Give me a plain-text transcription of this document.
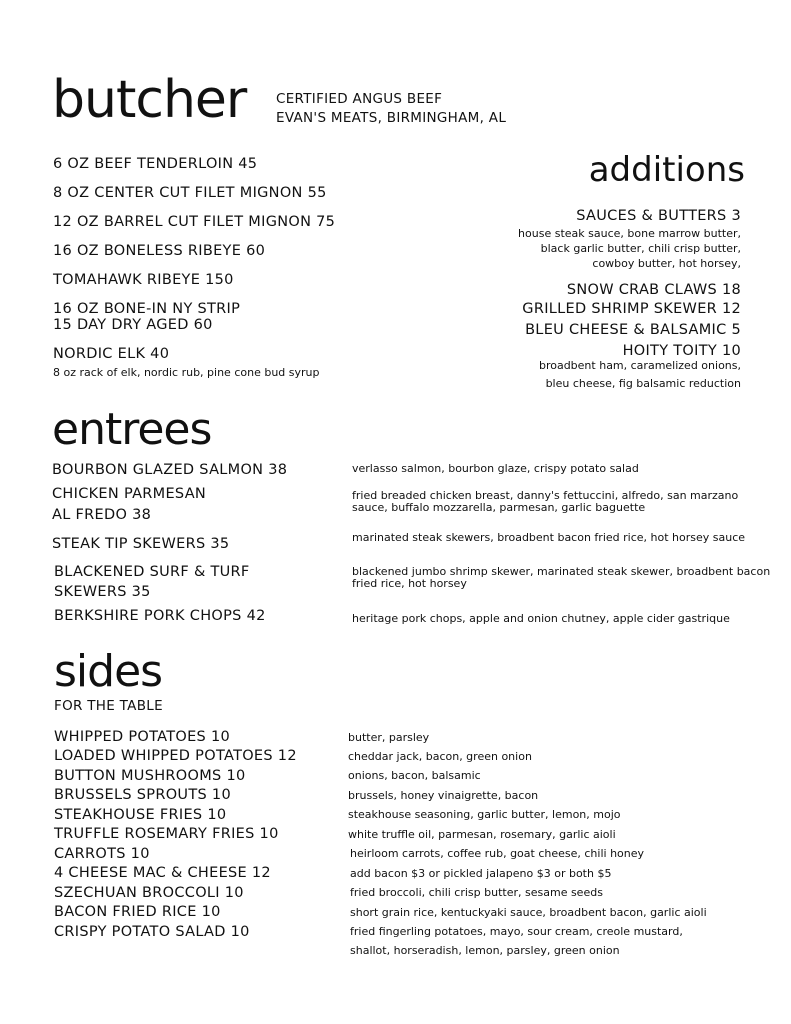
butcher CERTIFIED ANGUS BEEF
EVAN'S MEATS, BIRMINGHAM, AL
6 OZ BEEF TENDERLOIN 45
8 OZ CENTER CUT FILET MIGNON 55
12 OZ BARREL CUT FILET MIGNON 75
16 OZ BONELESS RIBEYE 60
TOMAHAWK RIBEYE 150
16 OZ BONE-IN NY STRIP
15 DAY DRY AGED 60
NORDIC ELK 40
8 oz rack of elk, nordic rub, pine cone bud syrup
additions
SAUCES & BUTTERS 3
house steak sauce, bone marrow butter,
black garlic butter, chili crisp butter,
cowboy butter, hot horsey,
SNOW CRAB CLAWS 18
GRILLED SHRIMP SKEWER 12
BLEU CHEESE & BALSAMIC 5
HOITY TOITY 10
broadbent ham, caramelized onions,
bleu cheese, fig balsamic reduction
entrees
BOURBON GLAZED SALMON 38	verlasso salmon, bourbon glaze, crispy potato salad
CHICKEN PARMESAN
AL FREDO 38
fried breaded chicken breast, danny's fettuccini, alfredo, san marzano sauce, buffalo mozzarella, parmesan, garlic baguette
STEAK TIP SKEWERS 35	marinated steak skewers, broadbent bacon fried rice, hot horsey sauce
BLACKENED SURF & TURF
SKEWERS 35
blackened jumbo shrimp skewer, marinated steak skewer, broadbent bacon fried rice, hot horsey
BERKSHIRE PORK CHOPS 42	heritage pork chops, apple and onion chutney, apple cider gastrique
sides
FOR THE TABLE
WHIPPED POTATOES 10	butter, parsley
LOADED WHIPPED POTATOES 12	cheddar jack, bacon, green onion
BUTTON MUSHROOMS 10	onions, bacon, balsamic
BRUSSELS SPROUTS 10	brussels, honey vinaigrette, bacon
STEAKHOUSE FRIES 10	steakhouse seasoning, garlic butter, lemon, mojo
TRUFFLE ROSEMARY FRIES 10	white truffle oil, parmesan, rosemary, garlic aioli
CARROTS 10	heirloom carrots, coffee rub, goat cheese, chili honey
4 CHEESE MAC & CHEESE 12	add bacon $3 or pickled jalapeno $3 or both $5
SZECHUAN BROCCOLI 10	fried broccoli, chili crisp butter, sesame seeds
BACON FRIED RICE 10	short grain rice, kentuckyaki sauce, broadbent bacon, garlic aioli
CRISPY POTATO SALAD 10	fried fingerling potatoes, mayo, sour cream, creole mustard,
shallot, horseradish, lemon, parsley, green onion
